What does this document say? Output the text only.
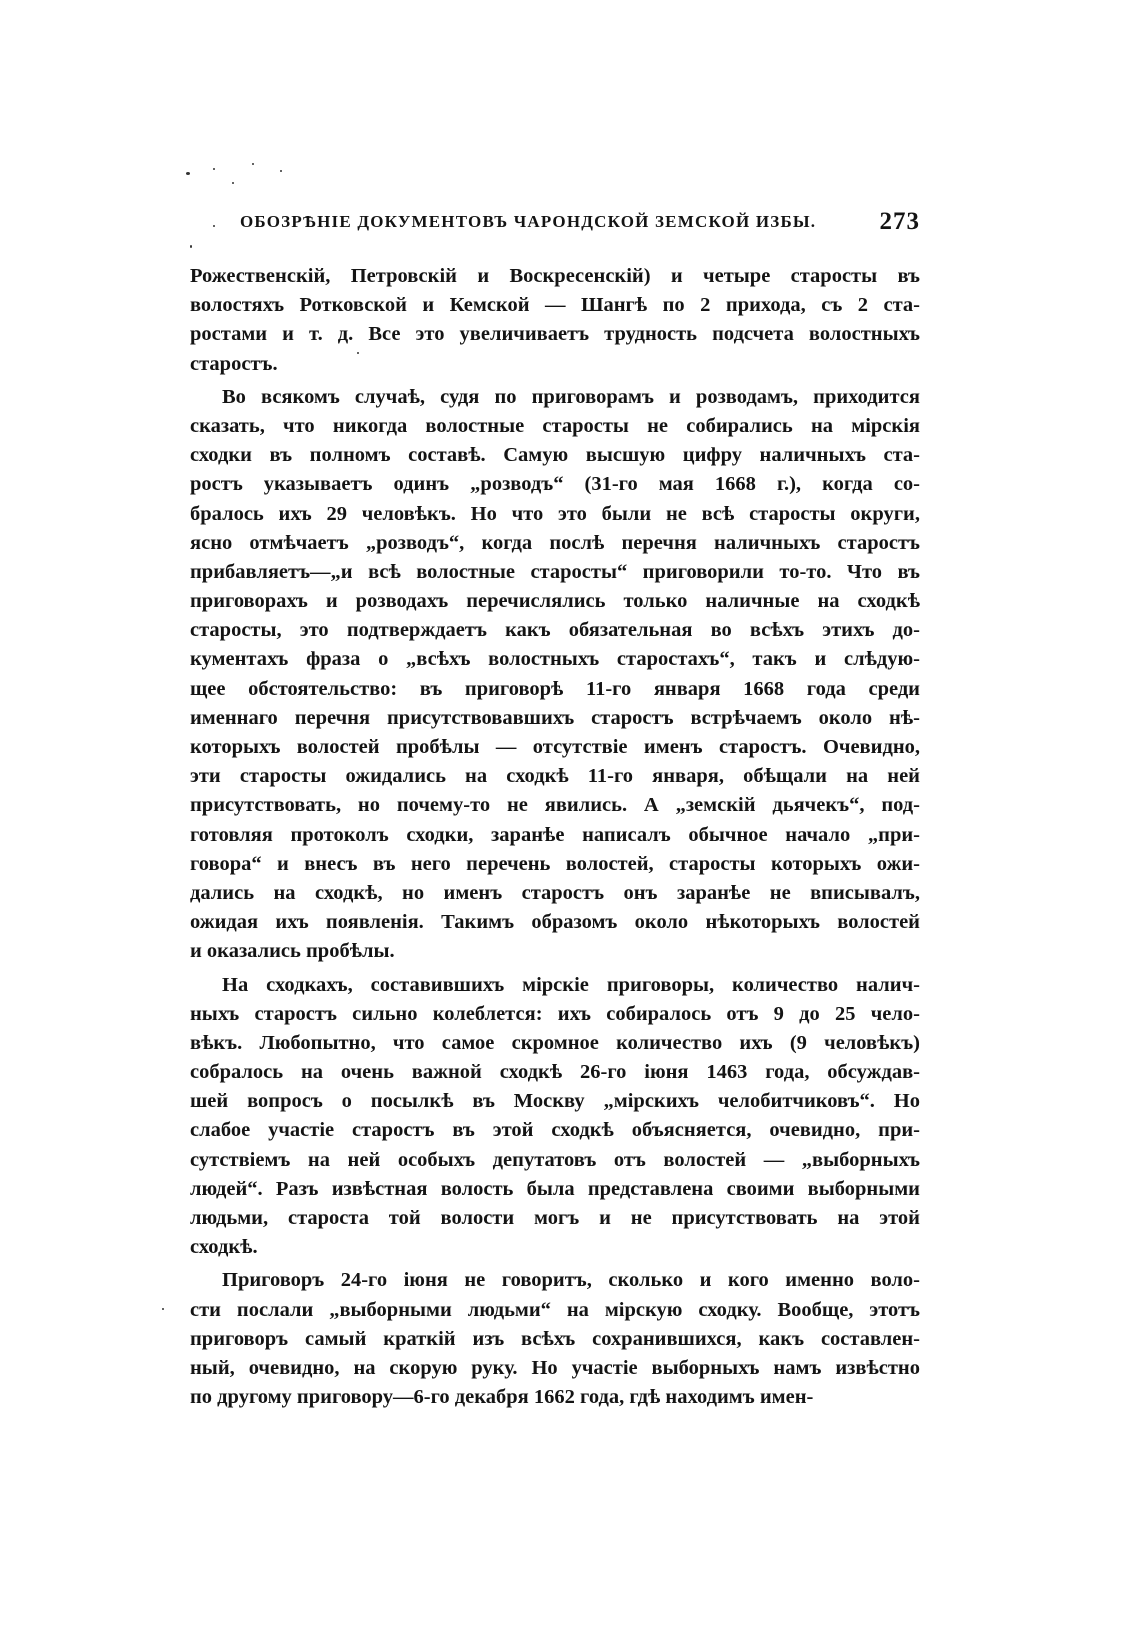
ОБОЗРѢНІЕ ДОКУМЕНТОВЪ ЧАРОНДСКОЙ ЗЕМСКОЙ ИЗБЫ.	273
Рожественскій, Петровскій и Воскресенскій) и четыре старосты въ
волостяхъ Ротковской и Кемской — Шангѣ по 2 прихода, съ 2 ста-
ростами и т. д. Все это увеличиваетъ трудность подсчета волостныхъ
старостъ.
Во всякомъ случаѣ, судя по приговорамъ и розводамъ, приходится
сказать, что никогда волостные старосты не собирались на мірскія
сходки въ полномъ составѣ. Самую высшую цифру наличныхъ ста-
ростъ указываетъ одинъ „розводъ“ (31-го мая 1668 г.), когда со-
бралось ихъ 29 человѣкъ. Но что это были не всѣ старосты округи,
ясно отмѣчаетъ „розводъ“, когда послѣ перечня наличныхъ старостъ
прибавляетъ—„и всѣ волостные старосты“ приговорили то-то. Что въ
приговорахъ и розводахъ перечислялись только наличные на сходкѣ
старосты, это подтверждаетъ какъ обязательная во всѣхъ этихъ до-
кументахъ фраза о „всѣхъ волостныхъ старостахъ“, такъ и слѣдую-
щее обстоятельство: въ приговорѣ 11-го января 1668 года среди
именнаго перечня присутствовавшихъ старостъ встрѣчаемъ около нѣ-
которыхъ волостей пробѣлы — отсутствіе именъ старостъ. Очевидно,
эти старосты ожидались на сходкѣ 11-го января, обѣщали на ней
присутствовать, но почему-то не явились. А „земскій дьячекъ“, под-
готовляя протоколъ сходки, заранѣе написалъ обычное начало „при-
говора“ и внесъ въ него перечень волостей, старосты которыхъ ожи-
дались на сходкѣ, но именъ старостъ онъ заранѣе не вписывалъ,
ожидая ихъ появленія. Такимъ образомъ около нѣкоторыхъ волостей
и оказались пробѣлы.
На сходкахъ, составившихъ мірскіе приговоры, количество налич-
ныхъ старостъ сильно колеблется: ихъ собиралось отъ 9 до 25 чело-
вѣкъ. Любопытно, что самое скромное количество ихъ (9 человѣкъ)
собралось на очень важной сходкѣ 26-го іюня 1463 года, обсуждав-
шей вопросъ о посылкѣ въ Москву „мірскихъ челобитчиковъ“. Но
слабое участіе старостъ въ этой сходкѣ объясняется, очевидно, при-
сутствіемъ на ней особыхъ депутатовъ отъ волостей — „выборныхъ
людей“. Разъ извѣстная волость была представлена своими выборными
людьми, староста той волости могъ и не присутствовать на этой
сходкѣ.
Приговоръ 24-го іюня не говоритъ, сколько и кого именно воло-
сти послали „выборными людьми“ на мірскую сходку. Вообще, этотъ
приговоръ самый краткій изъ всѣхъ сохранившихся, какъ составлен-
ный, очевидно, на скорую руку. Но участіе выборныхъ намъ извѣстно
по другому приговору—6-го декабря 1662 года, гдѣ находимъ имен-
